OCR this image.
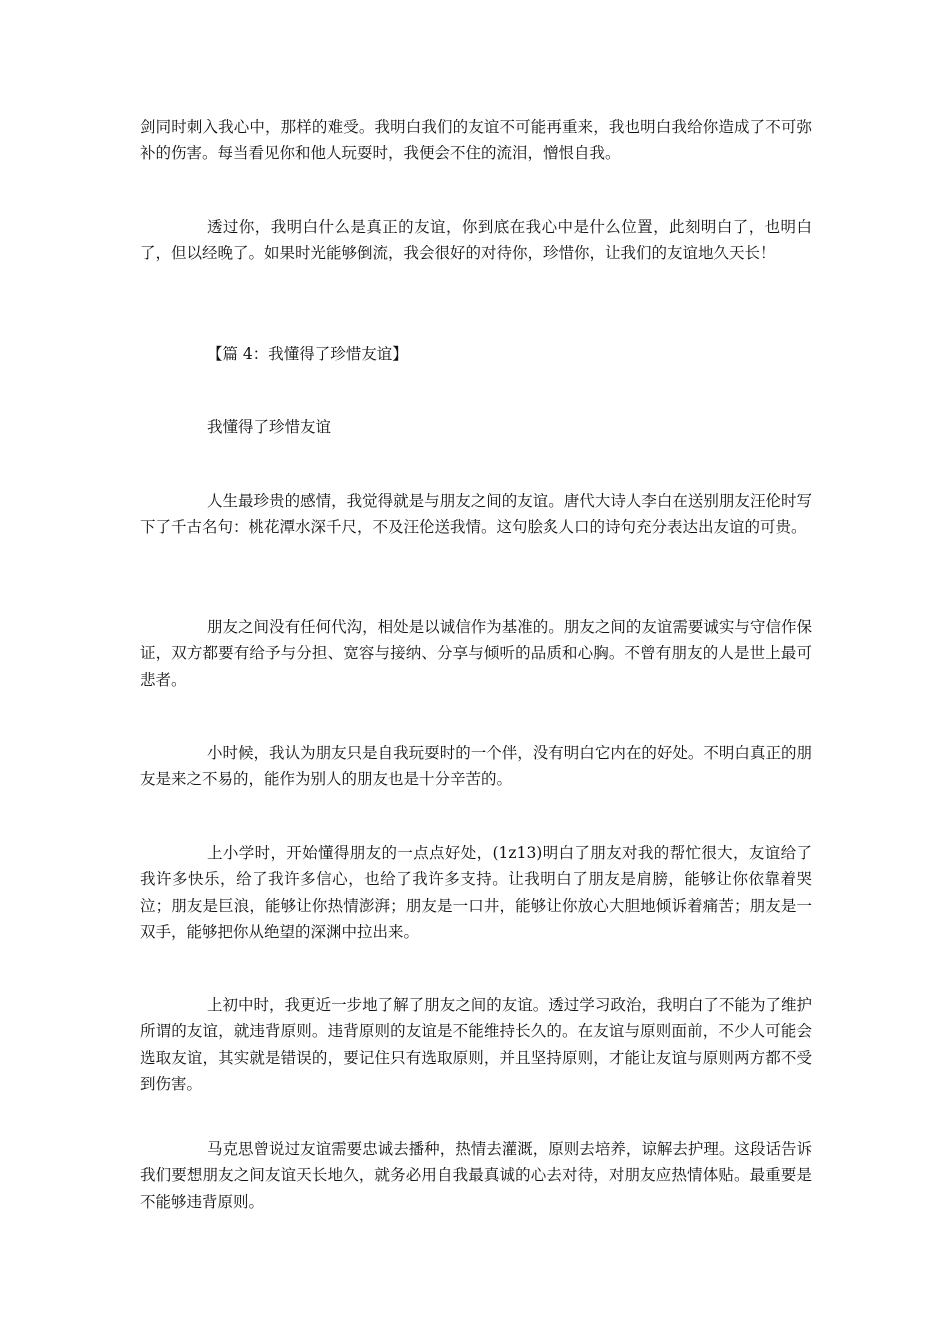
剑同时刺入我心中，那样的难受。我明白我们的友谊不可能再重来，我也明白我给你造成了不可弥补的伤害。每当看见你和他人玩耍时，我便会不住的流泪，憎恨自我。

透过你，我明白什么是真正的友谊，你到底在我心中是什么位置，此刻明白了，也明白了，但以经晚了。如果时光能够倒流，我会很好的对待你，珍惜你，让我们的友谊地久天长！

【篇 4：我懂得了珍惜友谊】

我懂得了珍惜友谊

人生最珍贵的感情，我觉得就是与朋友之间的友谊。唐代大诗人李白在送别朋友汪伦时写下了千古名句：桃花潭水深千尺，不及汪伦送我情。这句脍炙人口的诗句充分表达出友谊的可贵。

朋友之间没有任何代沟，相处是以诚信作为基准的。朋友之间的友谊需要诚实与守信作保证，双方都要有给予与分担、宽容与接纳、分享与倾听的品质和心胸。不曾有朋友的人是世上最可悲者。

小时候，我认为朋友只是自我玩耍时的一个伴，没有明白它内在的好处。不明白真正的朋友是来之不易的，能作为别人的朋友也是十分辛苦的。

上小学时，开始懂得朋友的一点点好处，(1z13)明白了朋友对我的帮忙很大，友谊给了我许多快乐，给了我许多信心，也给了我许多支持。让我明白了朋友是肩膀，能够让你依靠着哭泣；朋友是巨浪，能够让你热情澎湃；朋友是一口井，能够让你放心大胆地倾诉着痛苦；朋友是一双手，能够把你从绝望的深渊中拉出来。

上初中时，我更近一步地了解了朋友之间的友谊。透过学习政治，我明白了不能为了维护所谓的友谊，就违背原则。违背原则的友谊是不能维持长久的。在友谊与原则面前，不少人可能会选取友谊，其实就是错误的，要记住只有选取原则，并且坚持原则，才能让友谊与原则两方都不受到伤害。

马克思曾说过友谊需要忠诚去播种，热情去灌溉，原则去培养，谅解去护理。这段话告诉我们要想朋友之间友谊天长地久，就务必用自我最真诚的心去对待，对朋友应热情体贴。最重要是不能够违背原则。
